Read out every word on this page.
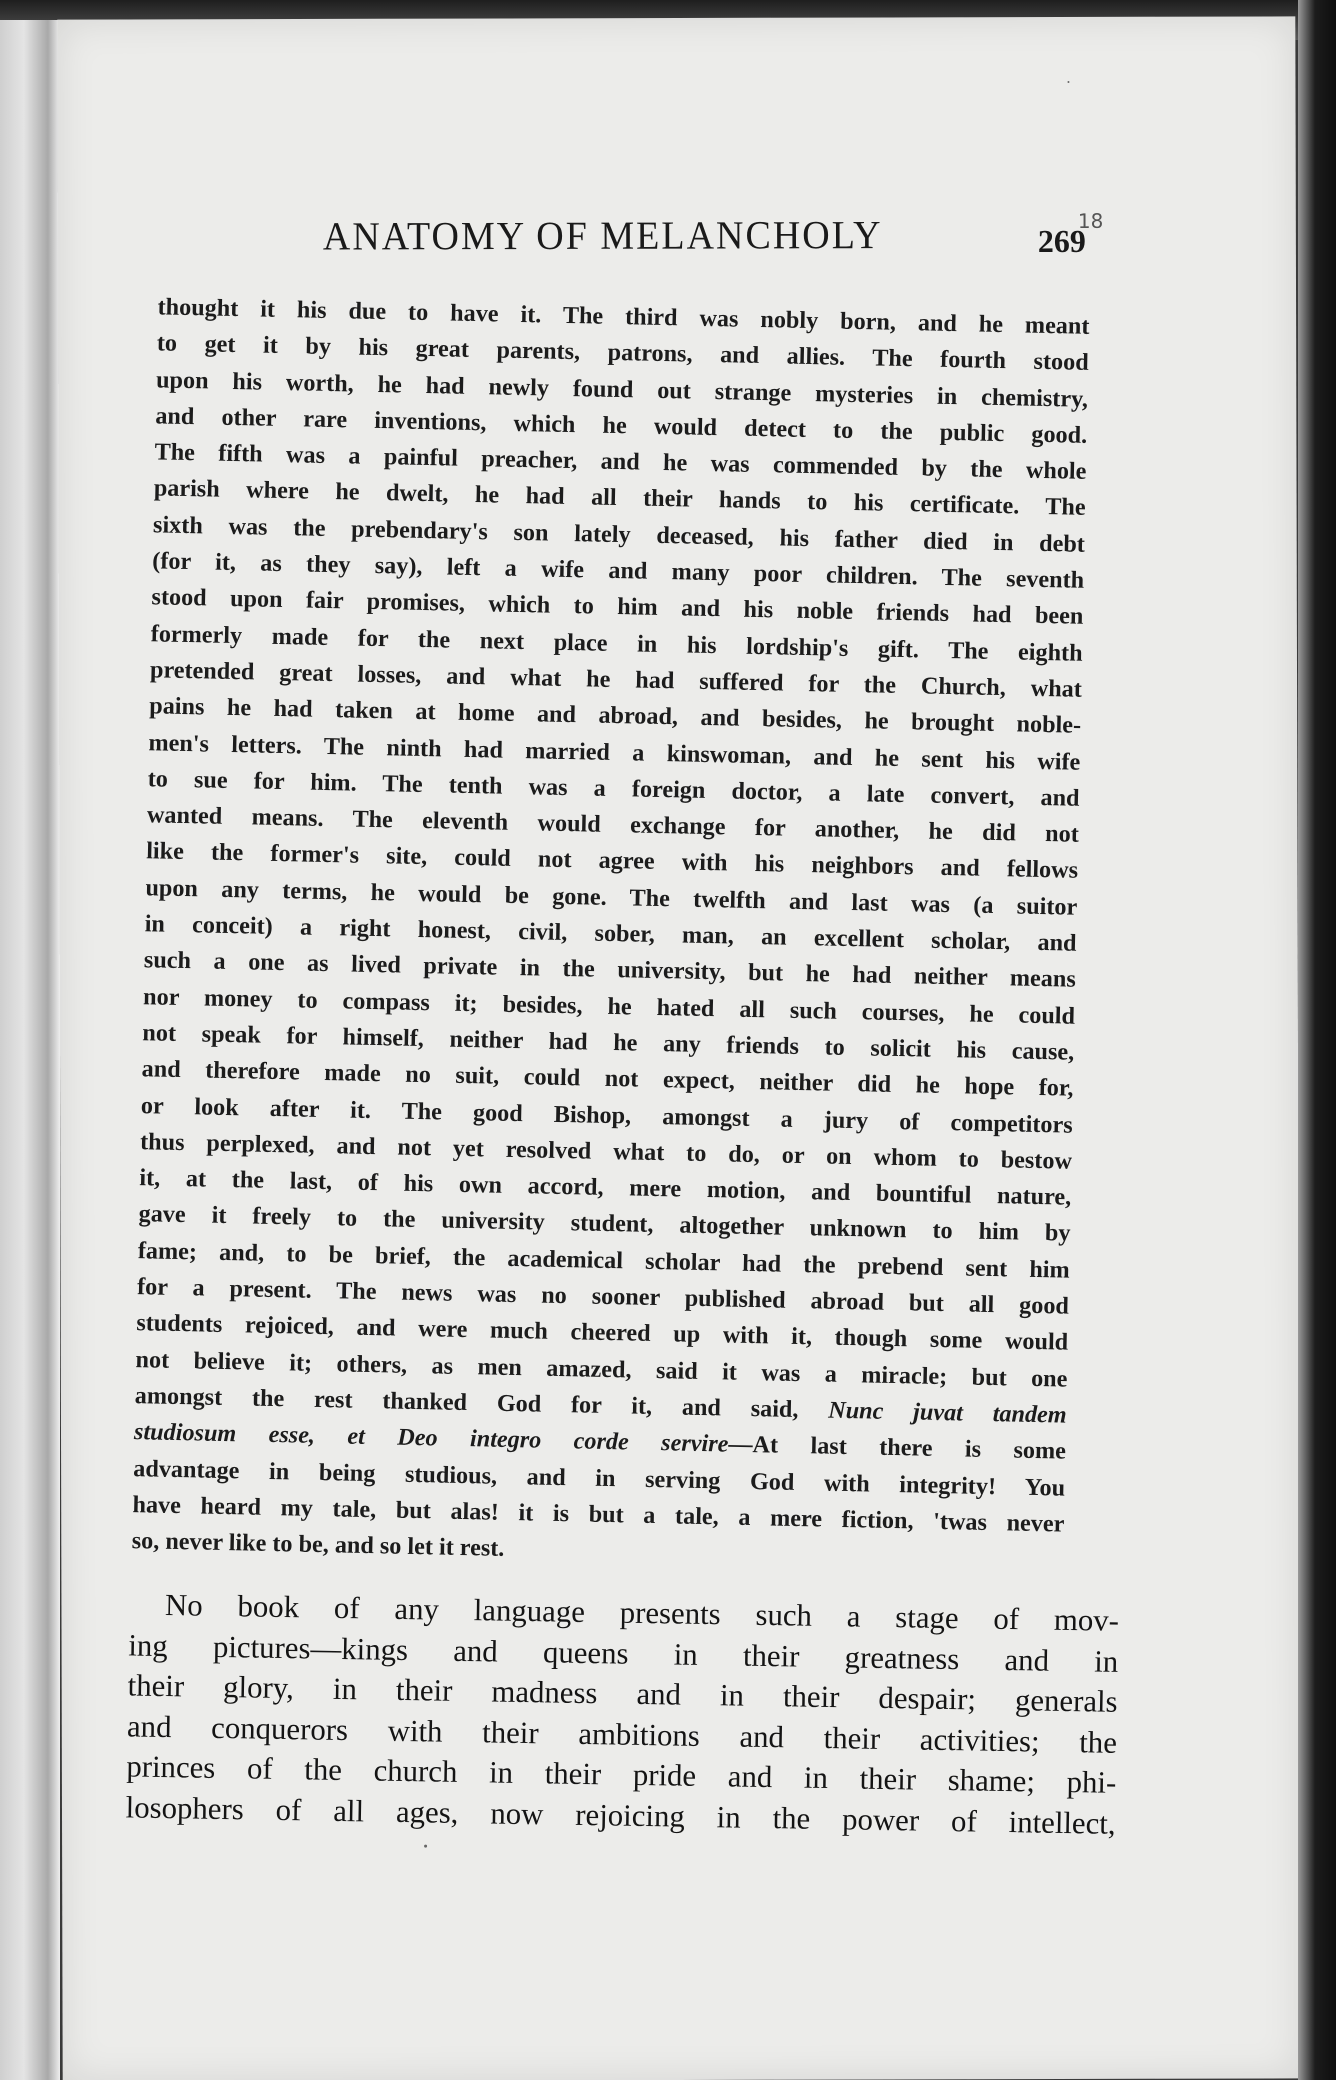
ANATOMY OF MELANCHOLY	269
18

thought it his due to have it. The third was nobly born, and he meant
to get it by his great parents, patrons, and allies. The fourth stood
upon his worth, he had newly found out strange mysteries in chemistry,
and other rare inventions, which he would detect to the public good.
The fifth was a painful preacher, and he was commended by the whole
parish where he dwelt, he had all their hands to his certificate. The
sixth was the prebendary's son lately deceased, his father died in debt
(for it, as they say), left a wife and many poor children. The seventh
stood upon fair promises, which to him and his noble friends had been
formerly made for the next place in his lordship's gift. The eighth
pretended great losses, and what he had suffered for the Church, what
pains he had taken at home and abroad, and besides, he brought noble-
men's letters. The ninth had married a kinswoman, and he sent his wife
to sue for him. The tenth was a foreign doctor, a late convert, and
wanted means. The eleventh would exchange for another, he did not
like the former's site, could not agree with his neighbors and fellows
upon any terms, he would be gone. The twelfth and last was (a suitor
in conceit) a right honest, civil, sober, man, an excellent scholar, and
such a one as lived private in the university, but he had neither means
nor money to compass it; besides, he hated all such courses, he could
not speak for himself, neither had he any friends to solicit his cause,
and therefore made no suit, could not expect, neither did he hope for,
or look after it. The good Bishop, amongst a jury of competitors
thus perplexed, and not yet resolved what to do, or on whom to bestow
it, at the last, of his own accord, mere motion, and bountiful nature,
gave it freely to the university student, altogether unknown to him by
fame; and, to be brief, the academical scholar had the prebend sent him
for a present. The news was no sooner published abroad but all good
students rejoiced, and were much cheered up with it, though some would
not believe it; others, as men amazed, said it was a miracle; but one
amongst the rest thanked God for it, and said, Nunc juvat tandem
studiosum esse, et Deo integro corde servire—At last there is some
advantage in being studious, and in serving God with integrity! You
have heard my tale, but alas! it is but a tale, a mere fiction, 'twas never
so, never like to be, and so let it rest.

No book of any language presents such a stage of mov-
ing pictures—kings and queens in their greatness and in
their glory, in their madness and in their despair; generals
and conquerors with their ambitions and their activities; the
princes of the church in their pride and in their shame; phi-
losophers of all ages, now rejoicing in the power of intellect,
